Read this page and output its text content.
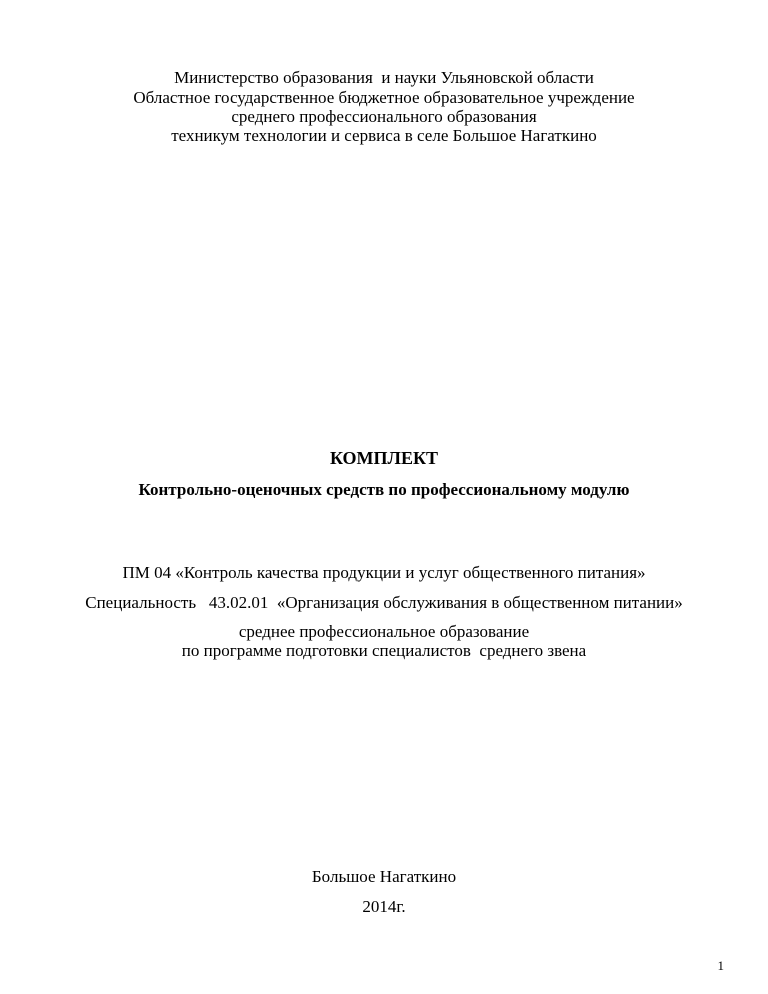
Министерство образования  и науки Ульяновской области
Областное государственное бюджетное образовательное учреждение
среднего профессионального образования
техникум технологии и сервиса в селе Большое Нагаткино
КОМПЛЕКТ
Контрольно-оценочных средств по профессиональному модулю
ПМ 04 «Контроль качества продукции и услуг общественного питания»
Специальность   43.02.01  «Организация обслуживания в общественном питании»
среднее профессиональное образование
по программе подготовки специалистов  среднего звена
Большое Нагаткино
2014г.
1
